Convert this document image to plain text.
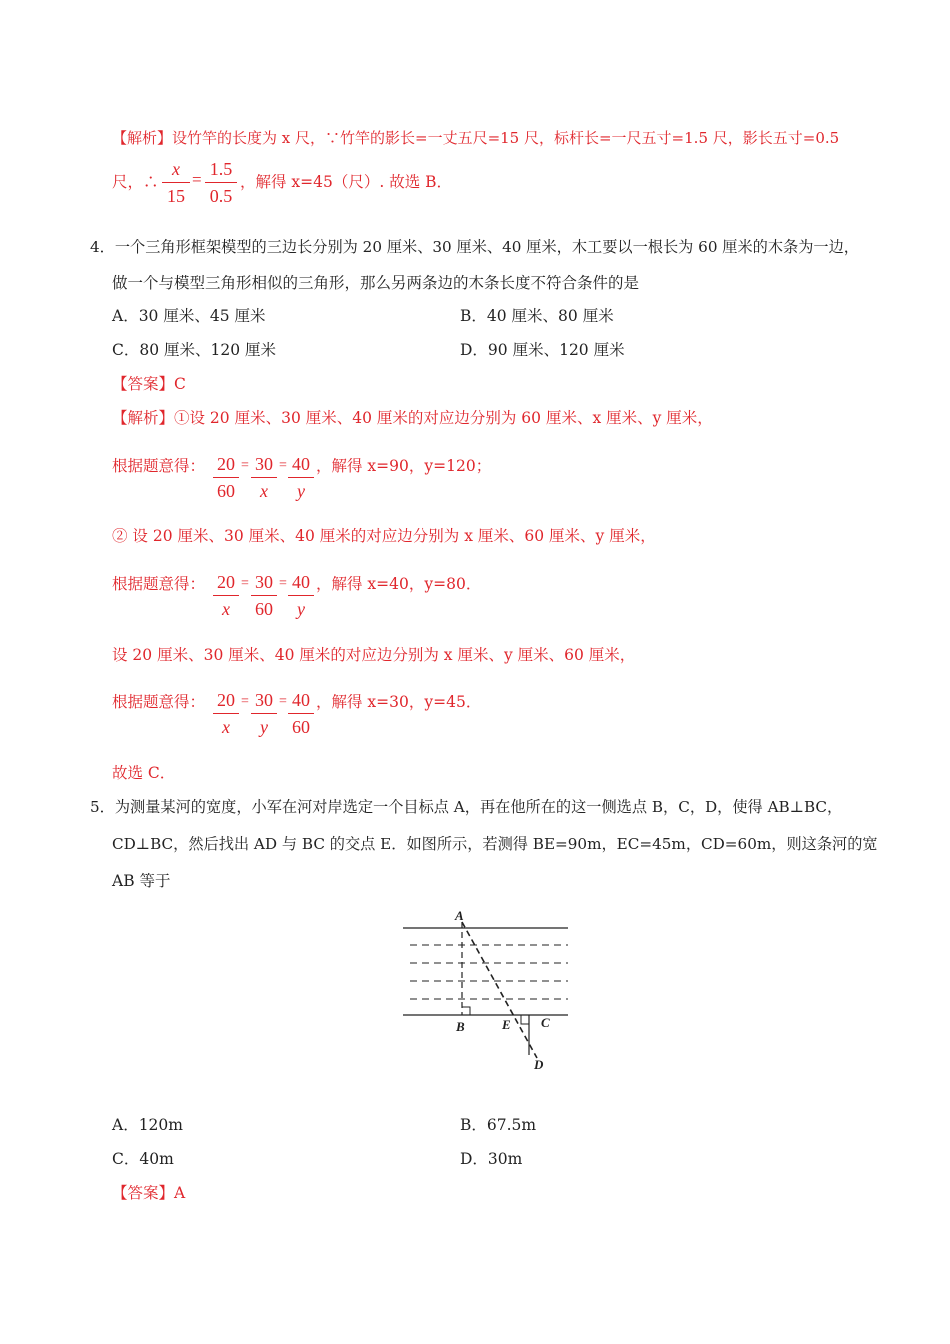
【解析】设竹竿的长度为 x 尺，∵竹竿的影长=一丈五尺=15 尺，标杆长=一尺五寸=1.5 尺，影长五寸=0.5
尺，∴
x
15
=
1.5
0.5
，解得 x=45（尺）. 故选 B．
4．一个三角形框架模型的三边长分别为 20 厘米、30 厘米、40 厘米，木工要以一根长为 60 厘米的木条为一边，
做一个与模型三角形相似的三角形，那么另两条边的木条长度不符合条件的是
A．30 厘米、45 厘米	B．40 厘米、80 厘米
C．80 厘米、120 厘米	D．90 厘米、120 厘米
【答案】C
【解析】①设 20 厘米、30 厘米、40 厘米的对应边分别为 60 厘米、x 厘米、y 厘米，
根据题意得： 20
60
= 30
x
= 40
y
，解得 x=90，y=120；
② 设 20 厘米、30 厘米、40 厘米的对应边分别为 x 厘米、60 厘米、y 厘米，
根据题意得： 20
x
= 30
60
= 40
y
，解得 x=40，y=80．
设 20 厘米、30 厘米、40 厘米的对应边分别为 x 厘米、y 厘米、60 厘米，
根据题意得： 20
x
= 30
y
= 40
60
，解得 x=30，y=45．
故选 C．
5．为测量某河的宽度，小军在河对岸选定一个目标点 A，再在他所在的这一侧选点 B，C，D，使得 AB⊥BC，
CD⊥BC，然后找出 AD 与 BC 的交点 E．如图所示，若测得 BE=90m，EC=45m，CD=60m，则这条河的宽
AB 等于
A
B	E C
D
A．120m	B．67.5m
C．40m	D．30m
【答案】A
